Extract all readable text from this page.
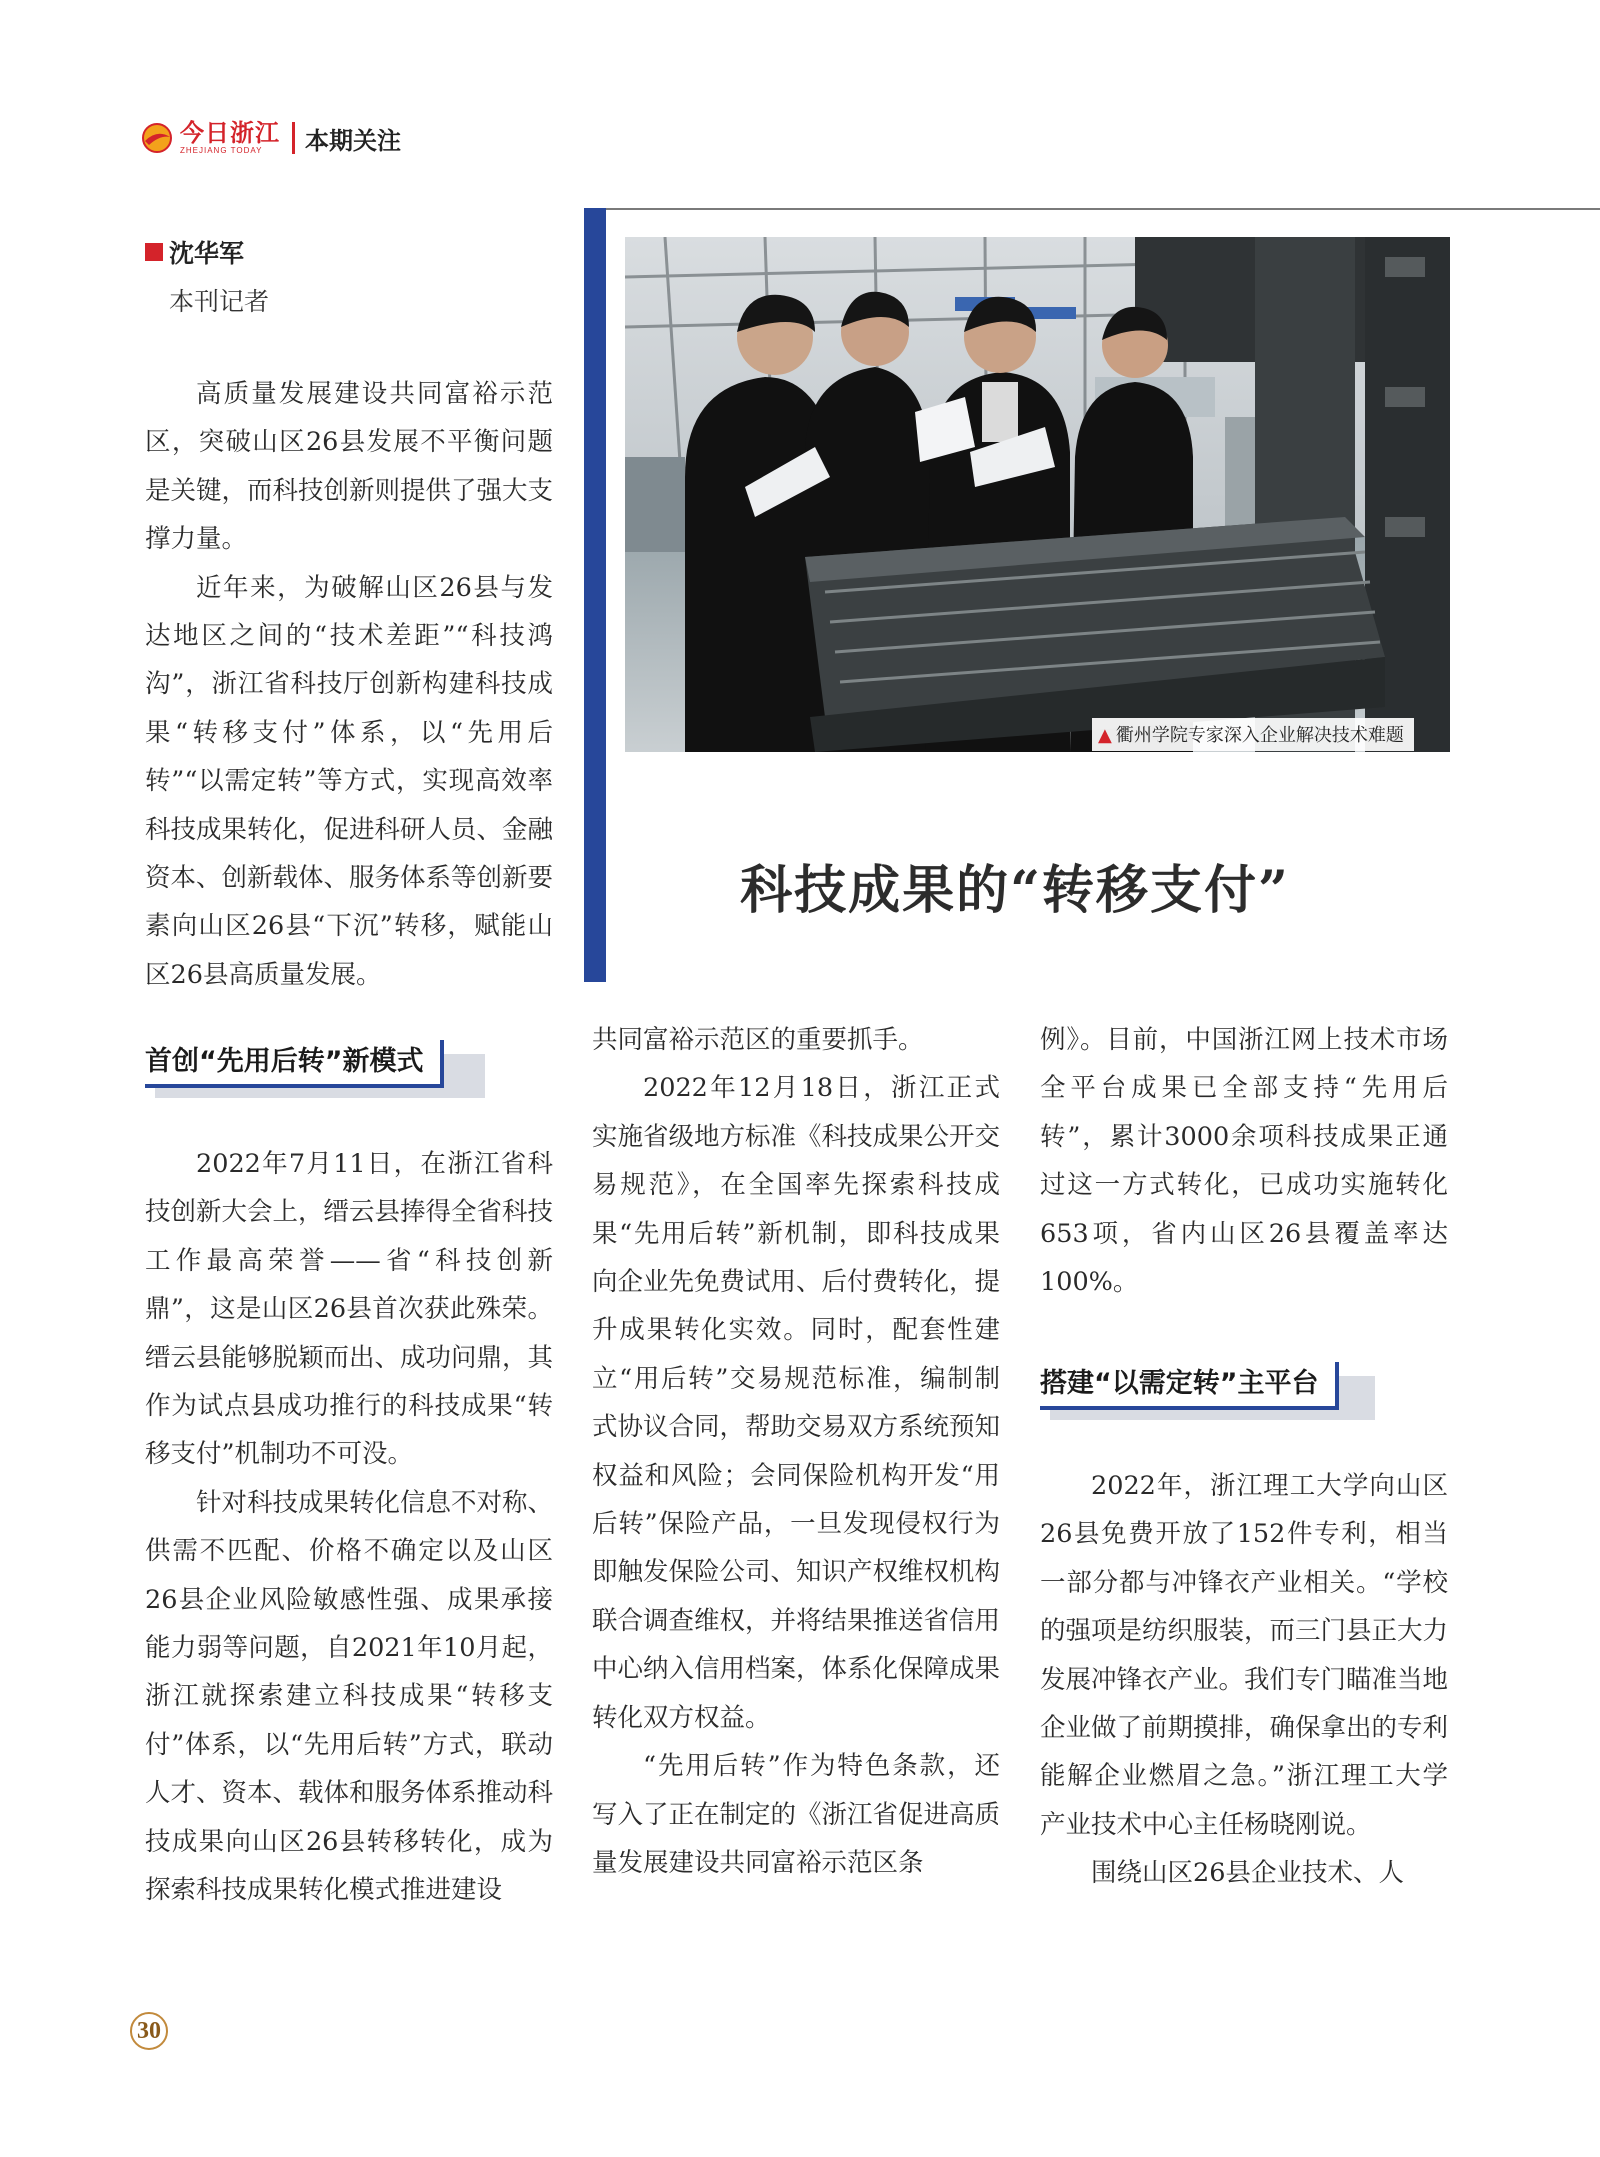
今日浙江
ZHEJIANG TODAY	本期关注
沈华军
本刊记者

高质量发展建设共同富裕示范区，突破山区26县发展不平衡问题是关键，而科技创新则提供了强大支撑力量。

近年来，为破解山区26县与发达地区之间的“技术差距”“科技鸿沟”，浙江省科技厅创新构建科技成果“转移支付”体系，以“先用后转”“以需定转”等方式，实现高效率科技成果转化，促进科研人员、金融资本、创新载体、服务体系等创新要素向山区26县“下沉”转移，赋能山区26县高质量发展。

▲ 衢州学院专家深入企业解决技术难题
科技成果的“转移支付”
首创“先用后转”新模式

2022年7月11日，在浙江省科技创新大会上，缙云县捧得全省科技工作最高荣誉——省“科技创新鼎”，这是山区26县首次获此殊荣。缙云县能够脱颖而出、成功问鼎，其作为试点县成功推行的科技成果“转移支付”机制功不可没。

针对科技成果转化信息不对称、供需不匹配、价格不确定以及山区26县企业风险敏感性强、成果承接能力弱等问题，自2021年10月起，浙江就探索建立科技成果“转移支付”体系，以“先用后转”方式，联动人才、资本、载体和服务体系推动科技成果向山区26县转移转化，成为探索科技成果转化模式推进建设

共同富裕示范区的重要抓手。

2022年12月18日，浙江正式实施省级地方标准《科技成果公开交易规范》，在全国率先探索科技成果“先用后转”新机制，即科技成果向企业先免费试用、后付费转化，提升成果转化实效。同时，配套性建立“用后转”交易规范标准，编制制式协议合同，帮助交易双方系统预知权益和风险；会同保险机构开发“用后转”保险产品，一旦发现侵权行为即触发保险公司、知识产权维权机构联合调查维权，并将结果推送省信用中心纳入信用档案，体系化保障成果转化双方权益。

“先用后转”作为特色条款，还写入了正在制定的《浙江省促进高质量发展建设共同富裕示范区条

例》。目前，中国浙江网上技术市场全平台成果已全部支持“先用后转”，累计3000余项科技成果正通过这一方式转化，已成功实施转化653项，省内山区26县覆盖率达100%。

搭建“以需定转”主平台

2022年，浙江理工大学向山区26县免费开放了152件专利，相当一部分都与冲锋衣产业相关。“学校的强项是纺织服装，而三门县正大力发展冲锋衣产业。我们专门瞄准当地企业做了前期摸排，确保拿出的专利能解企业燃眉之急。”浙江理工大学产业技术中心主任杨晓刚说。

围绕山区26县企业技术、人

30
